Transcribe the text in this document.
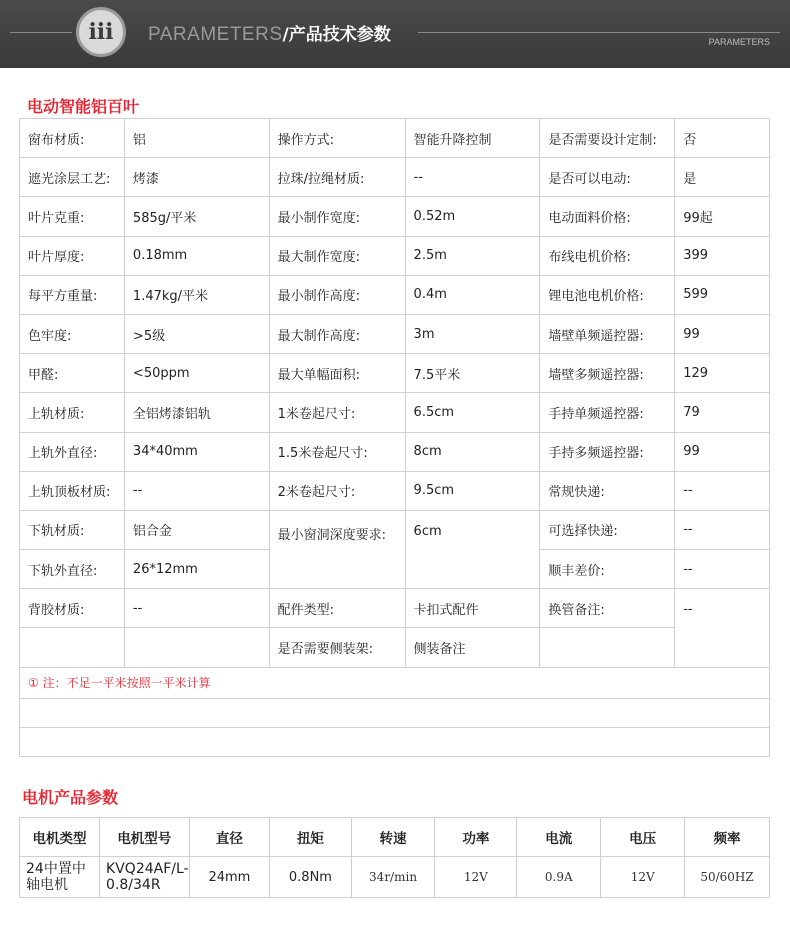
iii	PARAMETERS/产品技术参数	PARAMETERS
电动智能铝百叶
窗布材质:	铝	操作方式:	智能升降控制	是否需要设计定制:	否
遮光涂层工艺:	烤漆	拉珠/拉绳材质:	--	是否可以电动:	是
叶片克重:	585g/平米	最小制作宽度:	0.52m	电动面料价格:	99起
叶片厚度:	0.18mm	最大制作宽度:	2.5m	布线电机价格:	399
每平方重量:	1.47kg/平米	最小制作高度:	0.4m	锂电池电机价格:	599
色牢度:	>5级	最大制作高度:	3m	墙壁单频遥控器:	99
甲醛:	<50ppm	最大单幅面积:	7.5平米	墙壁多频遥控器:	129
上轨材质:	全铝烤漆铝轨	1米卷起尺寸:	6.5cm	手持单频遥控器:	79
上轨外直径:	34*40mm	1.5米卷起尺寸:	8cm	手持多频遥控器:	99
上轨顶板材质:	--	2米卷起尺寸:	9.5cm	常规快递:	--
下轨材质:	铝合金	最小窗洞深度要求:	6cm	可选择快递:	--
下轨外直径:	26*12mm			顺丰差价:	--
背胶材质:	--	配件类型:	卡扣式配件	换管备注:	--
		是否需要侧装架:	侧装备注		
① 注：不足一平米按照一平米计算					

电机产品参数
电机类型	电机型号	直径	扭矩	转速	功率	电流	电压	频率
24中置中轴电机	KVQ24AF/L-0.8/34R	24mm	0.8Nm	34r/min	12V	0.9A	12V	50/60HZ
